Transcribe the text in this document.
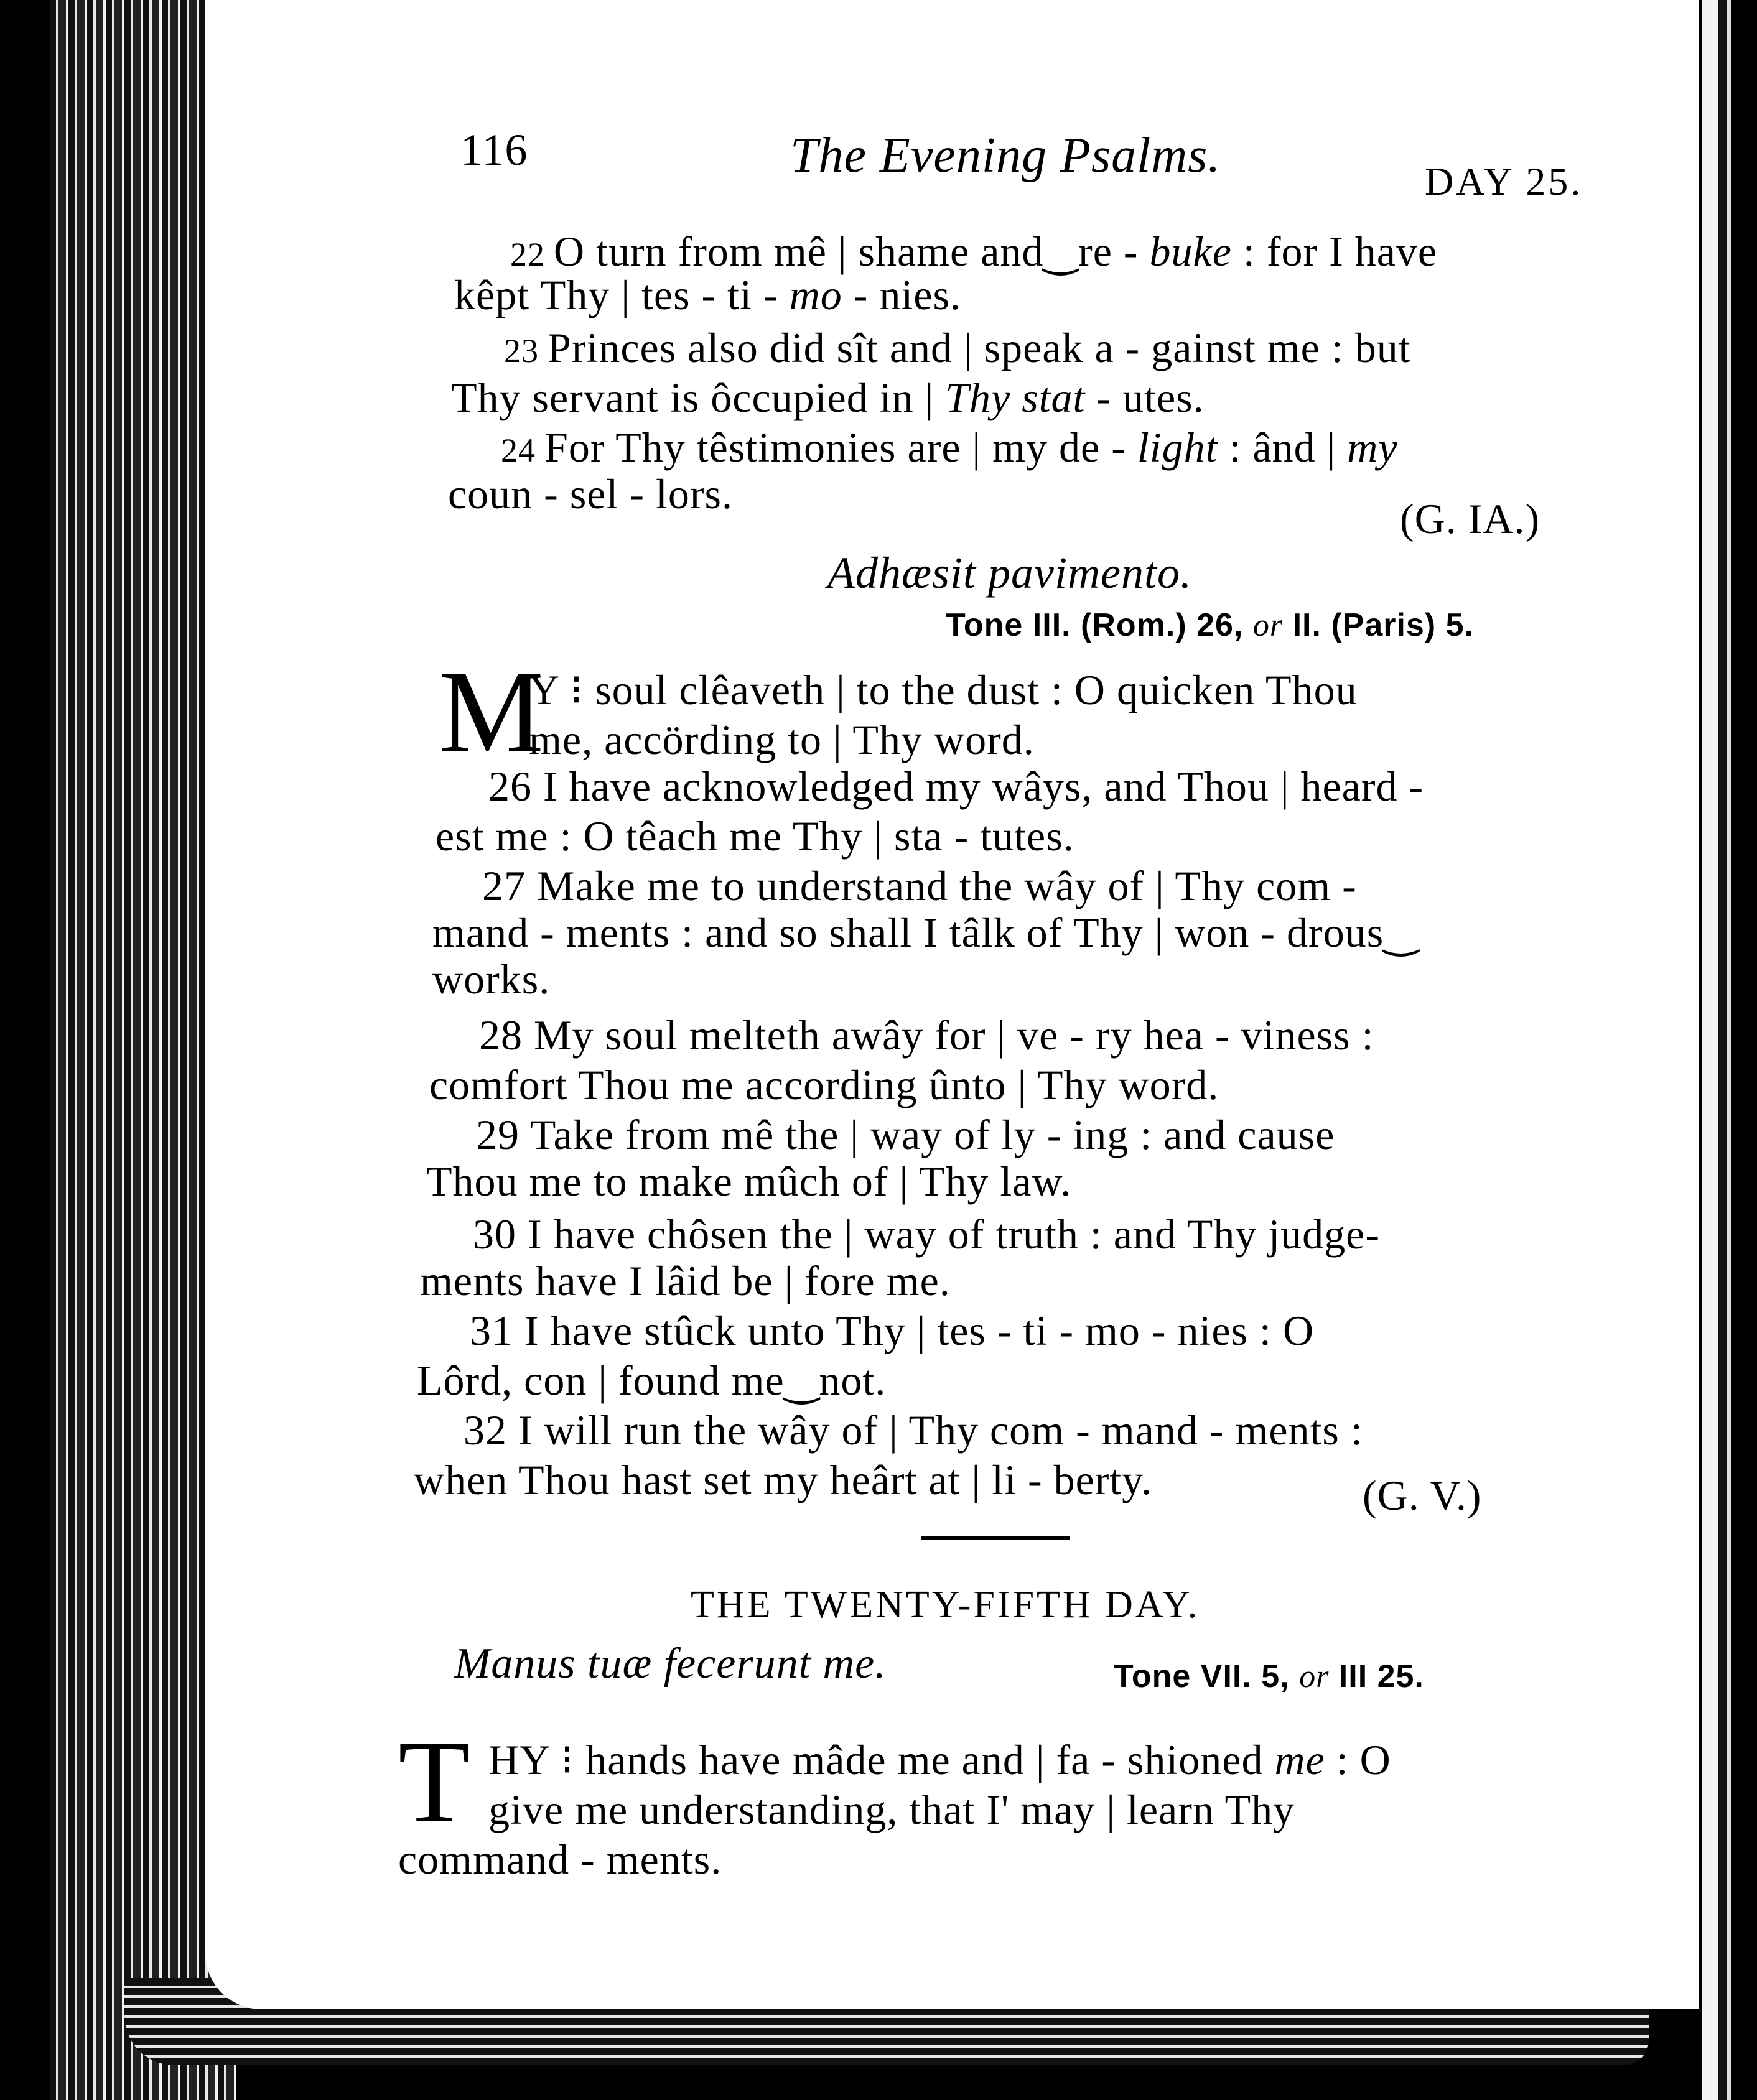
116	The Evening Psalms.	DAY 25.
22 O turn from mê | shame and‿re - buke : for I have
kêpt Thy | tes - ti - mo - nies.
23 Princes also did sît and | speak a - gainst me : but
Thy servant is ôccupied in | Thy stat - utes.
24 For Thy têstimonies are | my de - light : ând | my
coun - sel - lors.
(G. IA.)
Adhæsit pavimento.
Tone III. (Rom.) 26, or II. (Paris) 5.
M
Y ⁝ soul clêaveth | to the dust : O quicken Thou
me, accörding to | Thy word.
26 I have acknowledged my wâys, and Thou | heard -
est me : O têach me Thy | sta - tutes.
27 Make me to understand the wây of | Thy com -
mand - ments : and so shall I tâlk of Thy | won - drous‿
works.
28 My soul melteth awây for | ve - ry hea - viness :
comfort Thou me according ûnto | Thy word.
29 Take from mê the | way of ly - ing : and cause
Thou me to make mûch of | Thy law.
30 I have chôsen the | way of truth : and Thy judge-
ments have I lâid be | fore me.
31 I have stûck unto Thy | tes - ti - mo - nies : O
Lôrd, con | found me‿not.
32 I will run the wây of | Thy com - mand - ments :
when Thou hast set my heârt at | li - berty.	(G. V.)
THE TWENTY-FIFTH DAY.
Manus tuæ fecerunt me.	Tone VII. 5, or III 25.
T HY ⁝ hands have mâde me and | fa - shioned me : O
give me understanding, that I' may | learn Thy
command - ments.
